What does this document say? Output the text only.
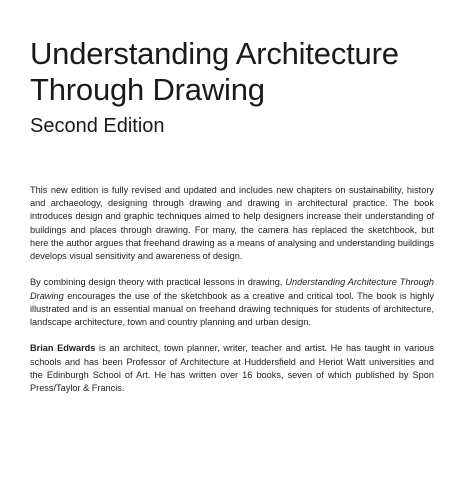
Understanding Architecture
Through Drawing
Second Edition

This new edition is fully revised and updated and includes new chapters on sustainability, history and archaeology, designing through drawing and drawing in architectural practice. The book introduces design and graphic techniques aimed to help designers increase their understanding of buildings and places through drawing. For many, the camera has replaced the sketchbook, but here the author argues that freehand drawing as a means of analysing and understanding buildings develops visual sensitivity and awareness of design.

By combining design theory with practical lessons in drawing, Understanding Architecture Through Drawing encourages the use of the sketchbook as a creative and critical tool. The book is highly illustrated and is an essential manual on freehand drawing techniques for students of architecture, landscape architecture, town and country planning and urban design.

Brian Edwards is an architect, town planner, writer, teacher and artist. He has taught in various schools and has been Professor of Architecture at Huddersfield and Heriot Watt universities and the Edinburgh School of Art. He has written over 16 books, seven of which published by Spon Press/Taylor & Francis.
